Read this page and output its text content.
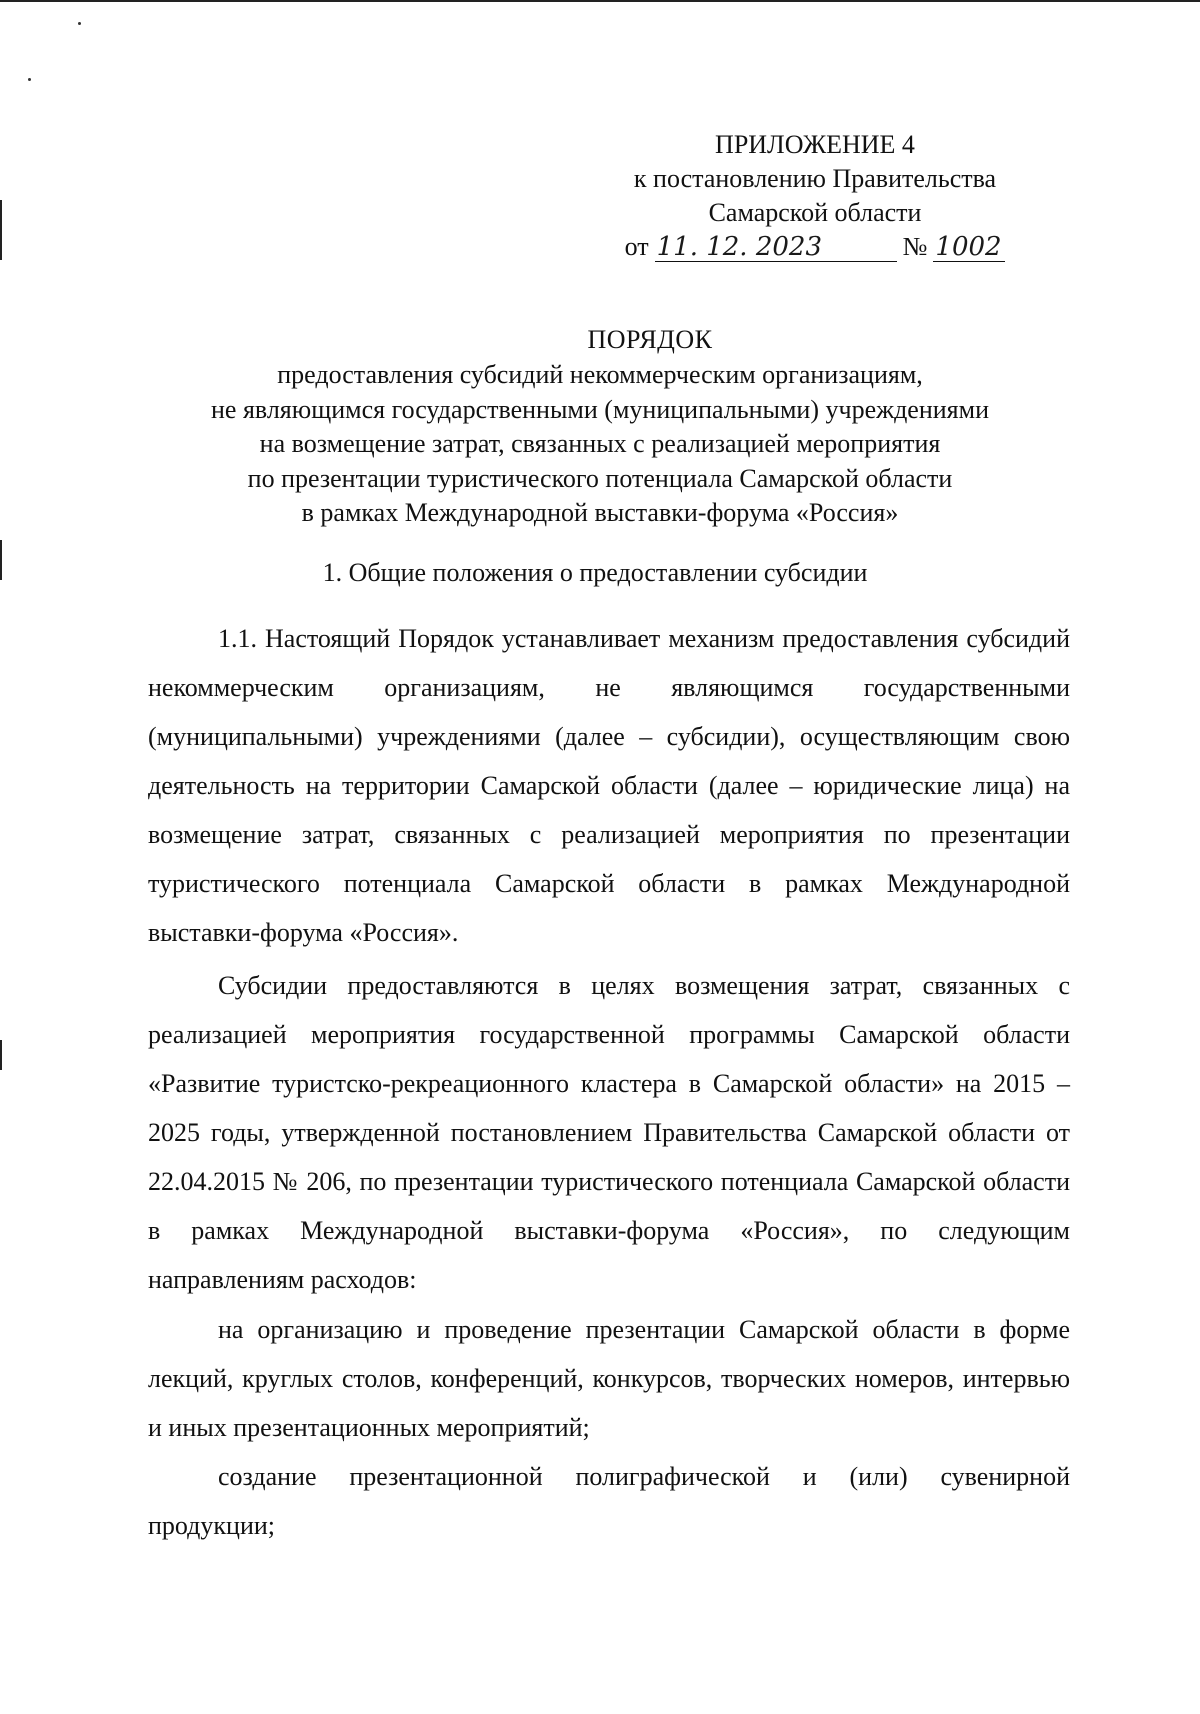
ПРИЛОЖЕНИЕ 4
к постановлению Правительства
Самарской области
от 11. 12. 2023	№ 1002
ПОРЯДОК
предоставления субсидий некоммерческим организациям,
не являющимся государственными (муниципальными) учреждениями
на возмещение затрат, связанных с реализацией мероприятия
по презентации туристического потенциала Самарской области
в рамках Международной выставки-форума «Россия»
1. Общие положения о предоставлении субсидии

1.1. Настоящий Порядок устанавливает механизм предоставления субсидий некоммерческим организациям, не являющимся государственными (муниципальными) учреждениями (далее – субсидии), осуществляющим свою деятельность на территории Самарской области (далее – юридические лица) на возмещение затрат, связанных с реализацией мероприятия по презентации туристического потенциала Самарской области в рамках Международной выставки-форума «Россия».

Субсидии предоставляются в целях возмещения затрат, связанных с реализацией мероприятия государственной программы Самарской области «Развитие туристско-рекреационного кластера в Самарской области» на 2015 – 2025 годы, утвержденной постановлением Правительства Самарской области от 22.04.2015 № 206, по презентации туристического потенциала Самарской области в рамках Международной выставки-форума «Россия», по следующим направлениям расходов:

на организацию и проведение презентации Самарской области в форме лекций, круглых столов, конференций, конкурсов, творческих номеров, интервью и иных презентационных мероприятий;

создание презентационной полиграфической и (или) сувенирной продукции;
